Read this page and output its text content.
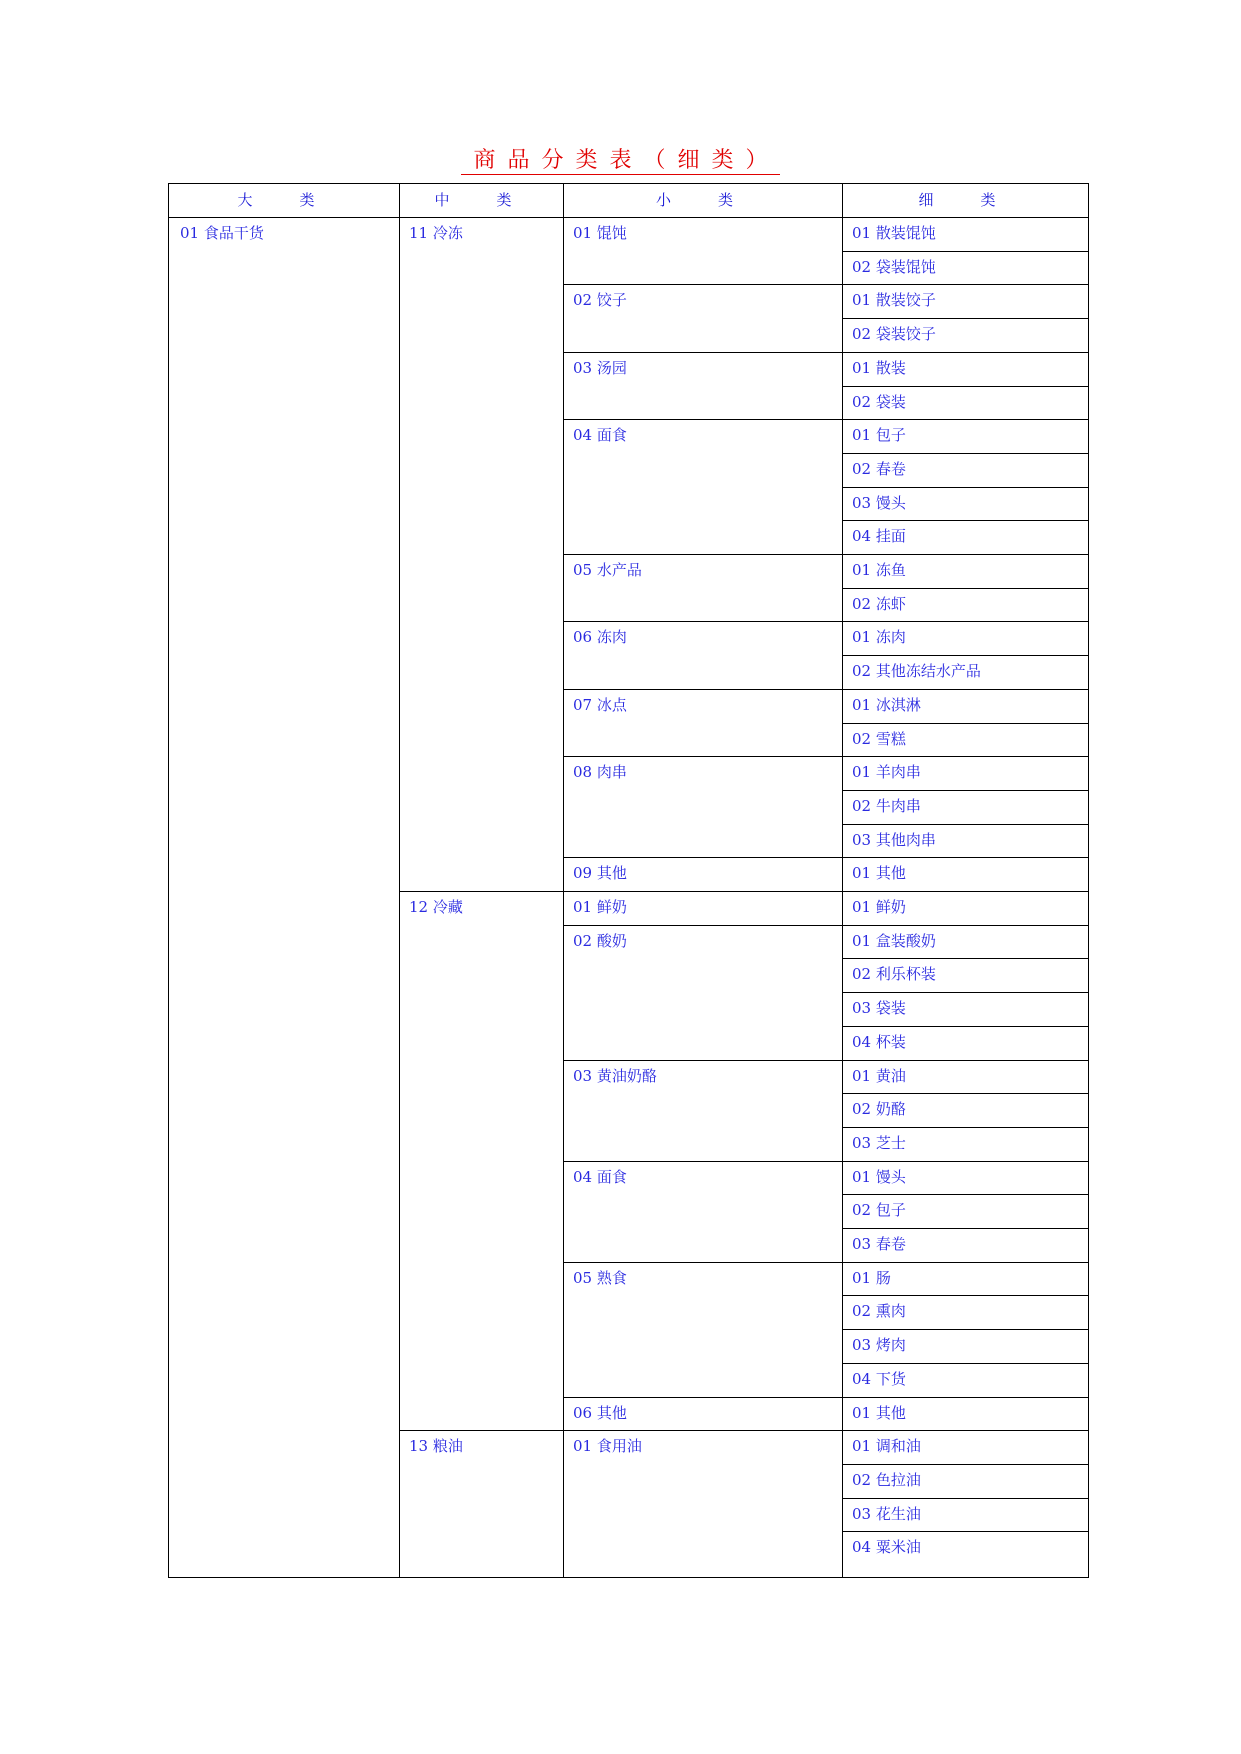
商品分类表（细类）
大　类	中　类	小　类	细　类
01 食品干货	11 冷冻	01 馄饨	01 散装馄饨
02 袋装馄饨
02 饺子	01 散装饺子
02 袋装饺子
03 汤园	01 散装
02 袋装
04 面食	01 包子
02 春卷
03 馒头
04 挂面
05 水产品	01 冻鱼
02 冻虾
06 冻肉	01 冻肉
02 其他冻结水产品
07 冰点	01 冰淇淋
02 雪糕
08 肉串	01 羊肉串
02 牛肉串
03 其他肉串
09 其他	01 其他
12 冷藏	01 鲜奶	01 鲜奶
02 酸奶	01 盒装酸奶
02 利乐杯装
03 袋装
04 杯装
03 黄油奶酪	01 黄油
02 奶酪
03 芝士
04 面食	01 馒头
02 包子
03 春卷
05 熟食	01 肠
02 熏肉
03 烤肉
04 下货
06 其他	01 其他
13 粮油	01 食用油	01 调和油
02 色拉油
03 花生油
04 粟米油
